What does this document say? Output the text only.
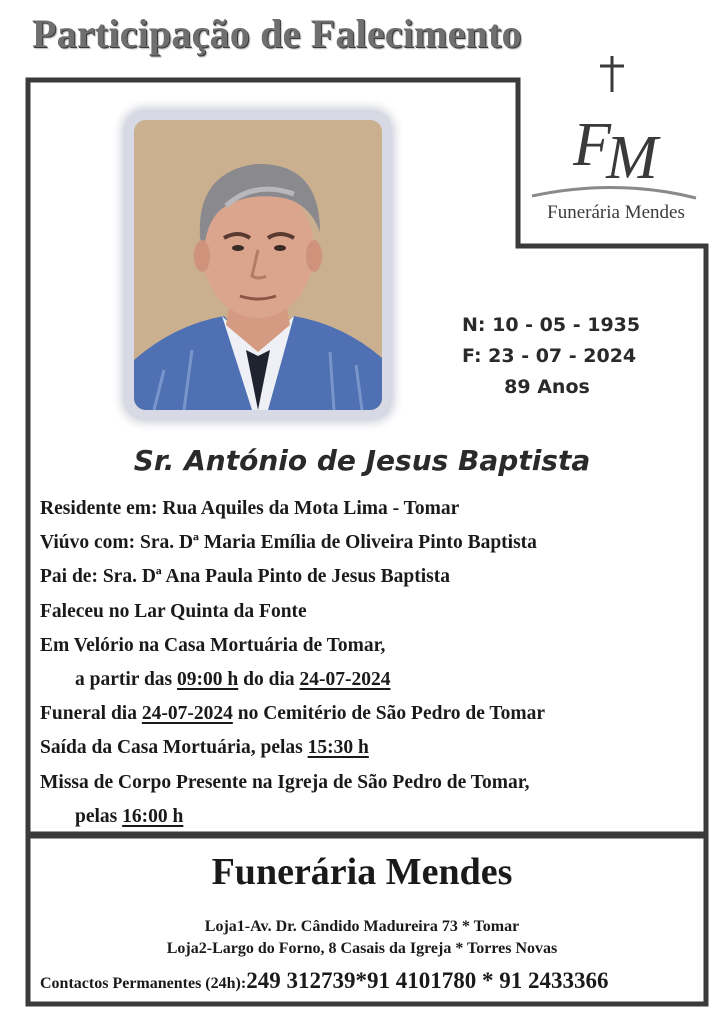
Participação de Falecimento
F
M
Funerária Mendes
N: 10 - 05 - 1935
F: 23 - 07 - 2024
89 Anos
Sr. António de Jesus Baptista
Residente em: Rua Aquiles da Mota Lima - Tomar
Viúvo com: Sra. Dª Maria Emília de Oliveira Pinto Baptista
Pai de: Sra. Dª Ana Paula Pinto de Jesus Baptista
Faleceu no Lar Quinta da Fonte
Em Velório na Casa Mortuária de Tomar,
a partir das 09:00 h do dia 24-07-2024
Funeral dia 24-07-2024 no Cemitério de São Pedro de Tomar
Saída da Casa Mortuária, pelas 15:30 h
Missa de Corpo Presente na Igreja de São Pedro de Tomar,
pelas 16:00 h
Funerária Mendes
Loja1-Av. Dr. Cândido Madureira 73 * Tomar
Loja2-Largo do Forno, 8 Casais da Igreja * Torres Novas
Contactos Permanentes (24h):249 312739*91 4101780 * 91 2433366
